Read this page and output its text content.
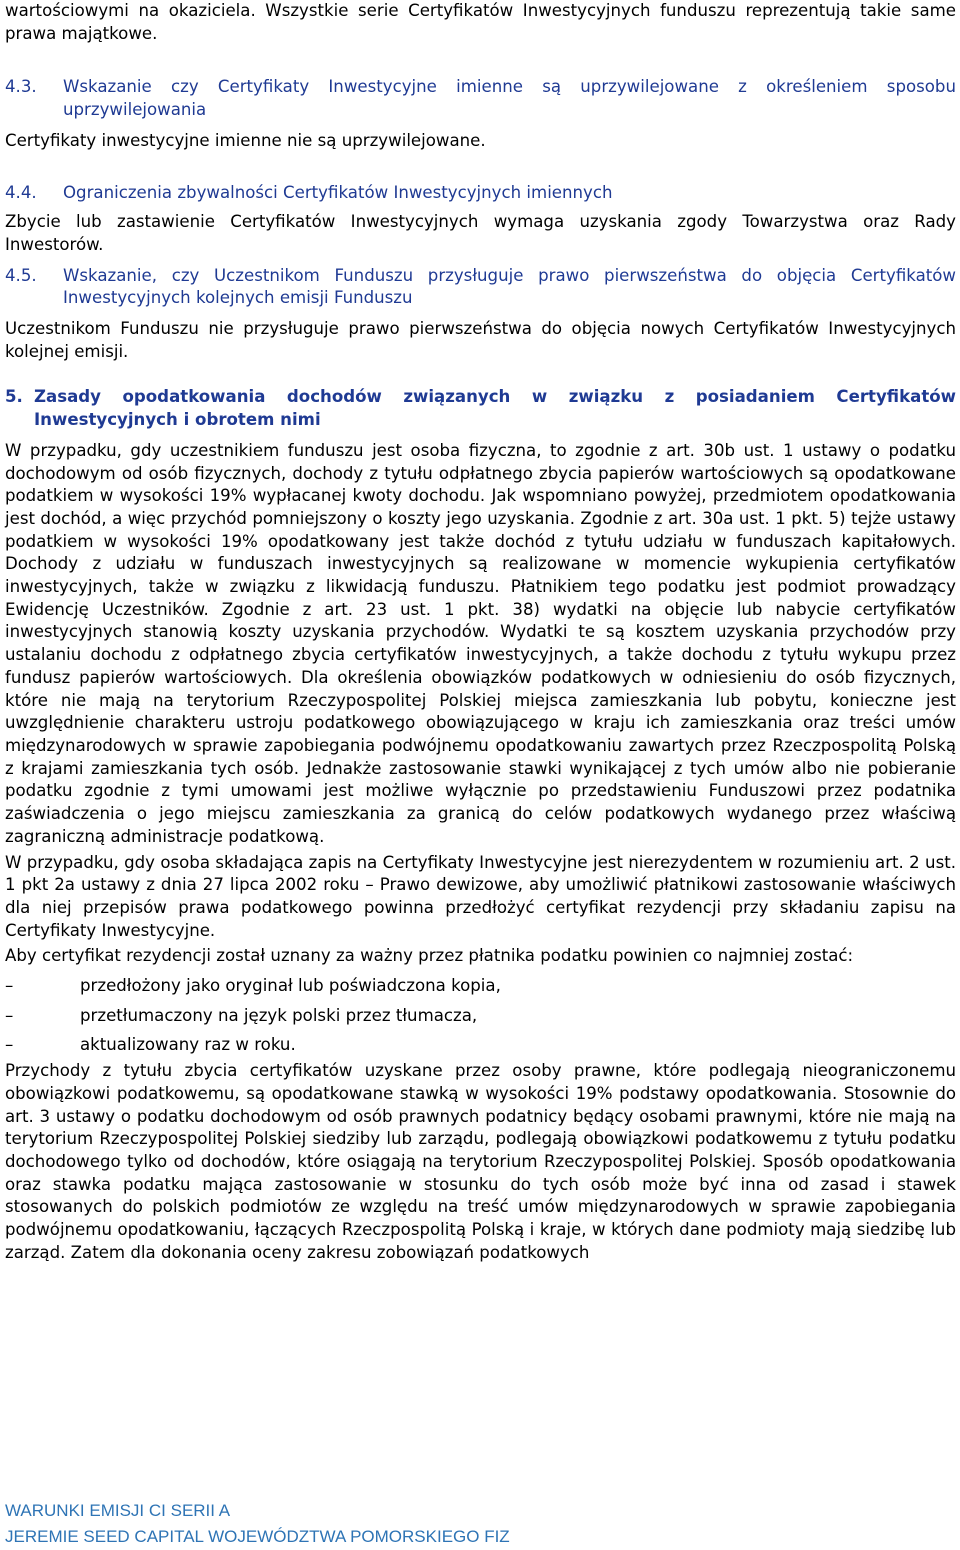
wartościowymi na okaziciela. Wszystkie serie Certyfikatów Inwestycyjnych funduszu reprezentują takie same prawa majątkowe.

4.3.	Wskazanie czy Certyfikaty Inwestycyjne imienne są uprzywilejowane z określeniem sposobu uprzywilejowania

Certyfikaty inwestycyjne imienne nie są uprzywilejowane.

4.4.	Ograniczenia zbywalności Certyfikatów Inwestycyjnych imiennych

Zbycie lub zastawienie Certyfikatów Inwestycyjnych wymaga uzyskania zgody Towarzystwa oraz Rady Inwestorów.

4.5.	Wskazanie, czy Uczestnikom Funduszu przysługuje prawo pierwszeństwa do objęcia Certyfikatów Inwestycyjnych kolejnych emisji Funduszu

Uczestnikom Funduszu nie przysługuje prawo pierwszeństwa do objęcia nowych Certyfikatów Inwestycyjnych kolejnej emisji.

5. Zasady opodatkowania dochodów związanych w związku z posiadaniem Certyfikatów Inwestycyjnych i obrotem nimi

W przypadku, gdy uczestnikiem funduszu jest osoba fizyczna, to zgodnie z art. 30b ust. 1 ustawy o podatku dochodowym od osób fizycznych, dochody z tytułu odpłatnego zbycia papierów wartościowych są opodatkowane podatkiem w wysokości 19% wypłacanej kwoty dochodu. Jak wspomniano powyżej, przedmiotem opodatkowania jest dochód, a więc przychód pomniejszony o koszty jego uzyskania. Zgodnie z art. 30a ust. 1 pkt. 5) tejże ustawy podatkiem w wysokości 19% opodatkowany jest także dochód z tytułu udziału w funduszach kapitałowych. Dochody z udziału w funduszach inwestycyjnych są realizowane w momencie wykupienia certyfikatów inwestycyjnych, także w związku z likwidacją funduszu. Płatnikiem tego podatku jest podmiot prowadzący Ewidencję Uczestników. Zgodnie z art. 23 ust. 1 pkt. 38) wydatki na objęcie lub nabycie certyfikatów inwestycyjnych stanowią koszty uzyskania przychodów. Wydatki te są kosztem uzyskania przychodów przy ustalaniu dochodu z odpłatnego zbycia certyfikatów inwestycyjnych, a także dochodu z tytułu wykupu przez fundusz papierów wartościowych. Dla określenia obowiązków podatkowych w odniesieniu do osób fizycznych, które nie mają na terytorium Rzeczypospolitej Polskiej miejsca zamieszkania lub pobytu, konieczne jest uwzględnienie charakteru ustroju podatkowego obowiązującego w kraju ich zamieszkania oraz treści umów międzynarodowych w sprawie zapobiegania podwójnemu opodatkowaniu zawartych przez Rzeczpospolitą Polską z krajami zamieszkania tych osób. Jednakże zastosowanie stawki wynikającej z tych umów albo nie pobieranie podatku zgodnie z tymi umowami jest możliwe wyłącznie po przedstawieniu Funduszowi przez podatnika zaświadczenia o jego miejscu zamieszkania za granicą do celów podatkowych wydanego przez właściwą zagraniczną administracje podatkową.

W przypadku, gdy osoba składająca zapis na Certyfikaty Inwestycyjne jest nierezydentem w rozumieniu art. 2 ust. 1 pkt 2a ustawy z dnia 27 lipca 2002 roku – Prawo dewizowe, aby umożliwić płatnikowi zastosowanie właściwych dla niej przepisów prawa podatkowego powinna przedłożyć certyfikat rezydencji przy składaniu zapisu na Certyfikaty Inwestycyjne.

Aby certyfikat rezydencji został uznany za ważny przez płatnika podatku powinien co najmniej zostać:

–	przedłożony jako oryginał lub poświadczona kopia,
–	przetłumaczony na język polski przez tłumacza,
–	aktualizowany raz w roku.

Przychody z tytułu zbycia certyfikatów uzyskane przez osoby prawne, które podlegają nieograniczonemu obowiązkowi podatkowemu, są opodatkowane stawką w wysokości 19% podstawy opodatkowania. Stosownie do art. 3 ustawy o podatku dochodowym od osób prawnych podatnicy będący osobami prawnymi, które nie mają na terytorium Rzeczypospolitej Polskiej siedziby lub zarządu, podlegają obowiązkowi podatkowemu z tytułu podatku dochodowego tylko od dochodów, które osiągają na terytorium Rzeczypospolitej Polskiej. Sposób opodatkowania oraz stawka podatku mająca zastosowanie w stosunku do tych osób może być inna od zasad i stawek stosowanych do polskich podmiotów ze względu na treść umów międzynarodowych w sprawie zapobiegania podwójnemu opodatkowaniu, łączących Rzeczpospolitą Polską i kraje, w których dane podmioty mają siedzibę lub zarząd. Zatem dla dokonania oceny zakresu zobowiązań podatkowych

WARUNKI EMISJI CI SERII A
JEREMIE SEED CAPITAL WOJEWÓDZTWA POMORSKIEGO FIZ
